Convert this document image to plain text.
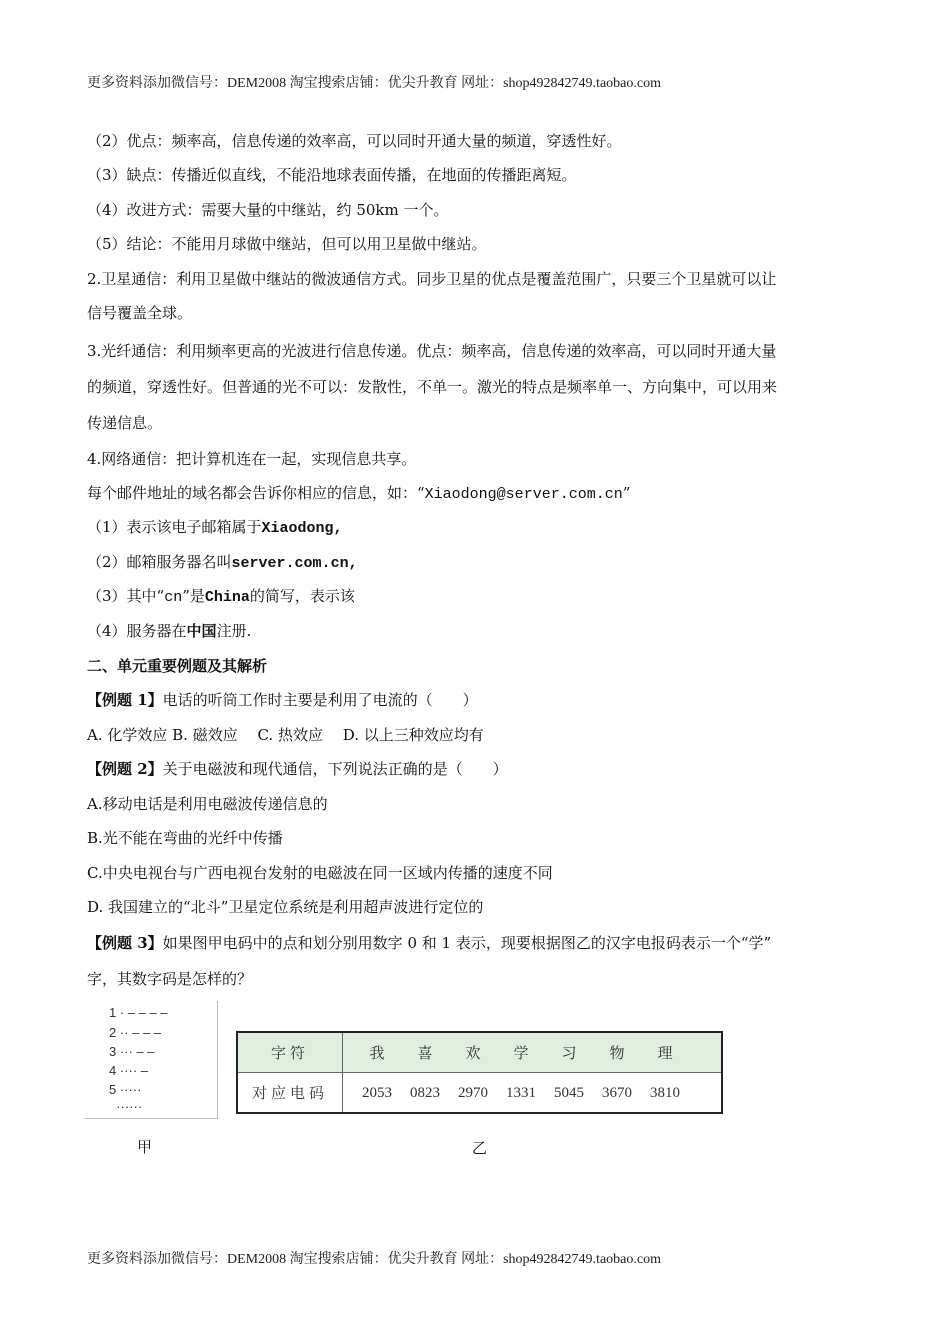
更多资料添加微信号：DEM2008 淘宝搜索店铺：优尖升教育 网址：shop492842749.taobao.com
（2）优点：频率高，信息传递的效率高，可以同时开通大量的频道，穿透性好。
（3）缺点：传播近似直线，不能沿地球表面传播，在地面的传播距离短。
（4）改进方式：需要大量的中继站，约 50km 一个。
（5）结论：不能用月球做中继站，但可以用卫星做中继站。
2.卫星通信：利用卫星做中继站的微波通信方式。同步卫星的优点是覆盖范围广，只要三个卫星就可以让
信号覆盖全球。
3.光纤通信：利用频率更高的光波进行信息传递。优点：频率高，信息传递的效率高，可以同时开通大量
的频道，穿透性好。但普通的光不可以：发散性，不单一。激光的特点是频率单一、方向集中，可以用来
传递信息。
4.网络通信：把计算机连在一起，实现信息共享。
每个邮件地址的域名都会告诉你相应的信息，如：“Xiaodong@server.com.cn”
（1）表示该电子邮箱属于Xiaodong,
（2）邮箱服务器名叫server.com.cn,
（3）其中“cn”是China的简写，表示该
（4）服务器在中国注册.
二、单元重要例题及其解析
【例题 1】电话的听筒工作时主要是利用了电流的（　　）
A. 化学效应 B. 磁效应　 C. 热效应　 D. 以上三种效应均有
【例题 2】关于电磁波和现代通信，下列说法正确的是（　　）
A.移动电话是利用电磁波传递信息的
B.光不能在弯曲的光纤中传播
C.中央电视台与广西电视台发射的电磁波在同一区域内传播的速度不同
D. 我国建立的“北斗”卫星定位系统是利用超声波进行定位的
【例题 3】如果图甲电码中的点和划分别用数字 0 和 1 表示，现要根据图乙的汉字电报码表示一个“学”
字，其数字码是怎样的？
1 · – – – –
2 ·· – – –
3 ··· – –
4 ···· –
5 ·····
······
字符	我 喜 欢 学 习 物 理
对应电码	2053 0823 2970 1331 5045 3670 3810
甲	乙
更多资料添加微信号：DEM2008 淘宝搜索店铺：优尖升教育 网址：shop492842749.taobao.com
